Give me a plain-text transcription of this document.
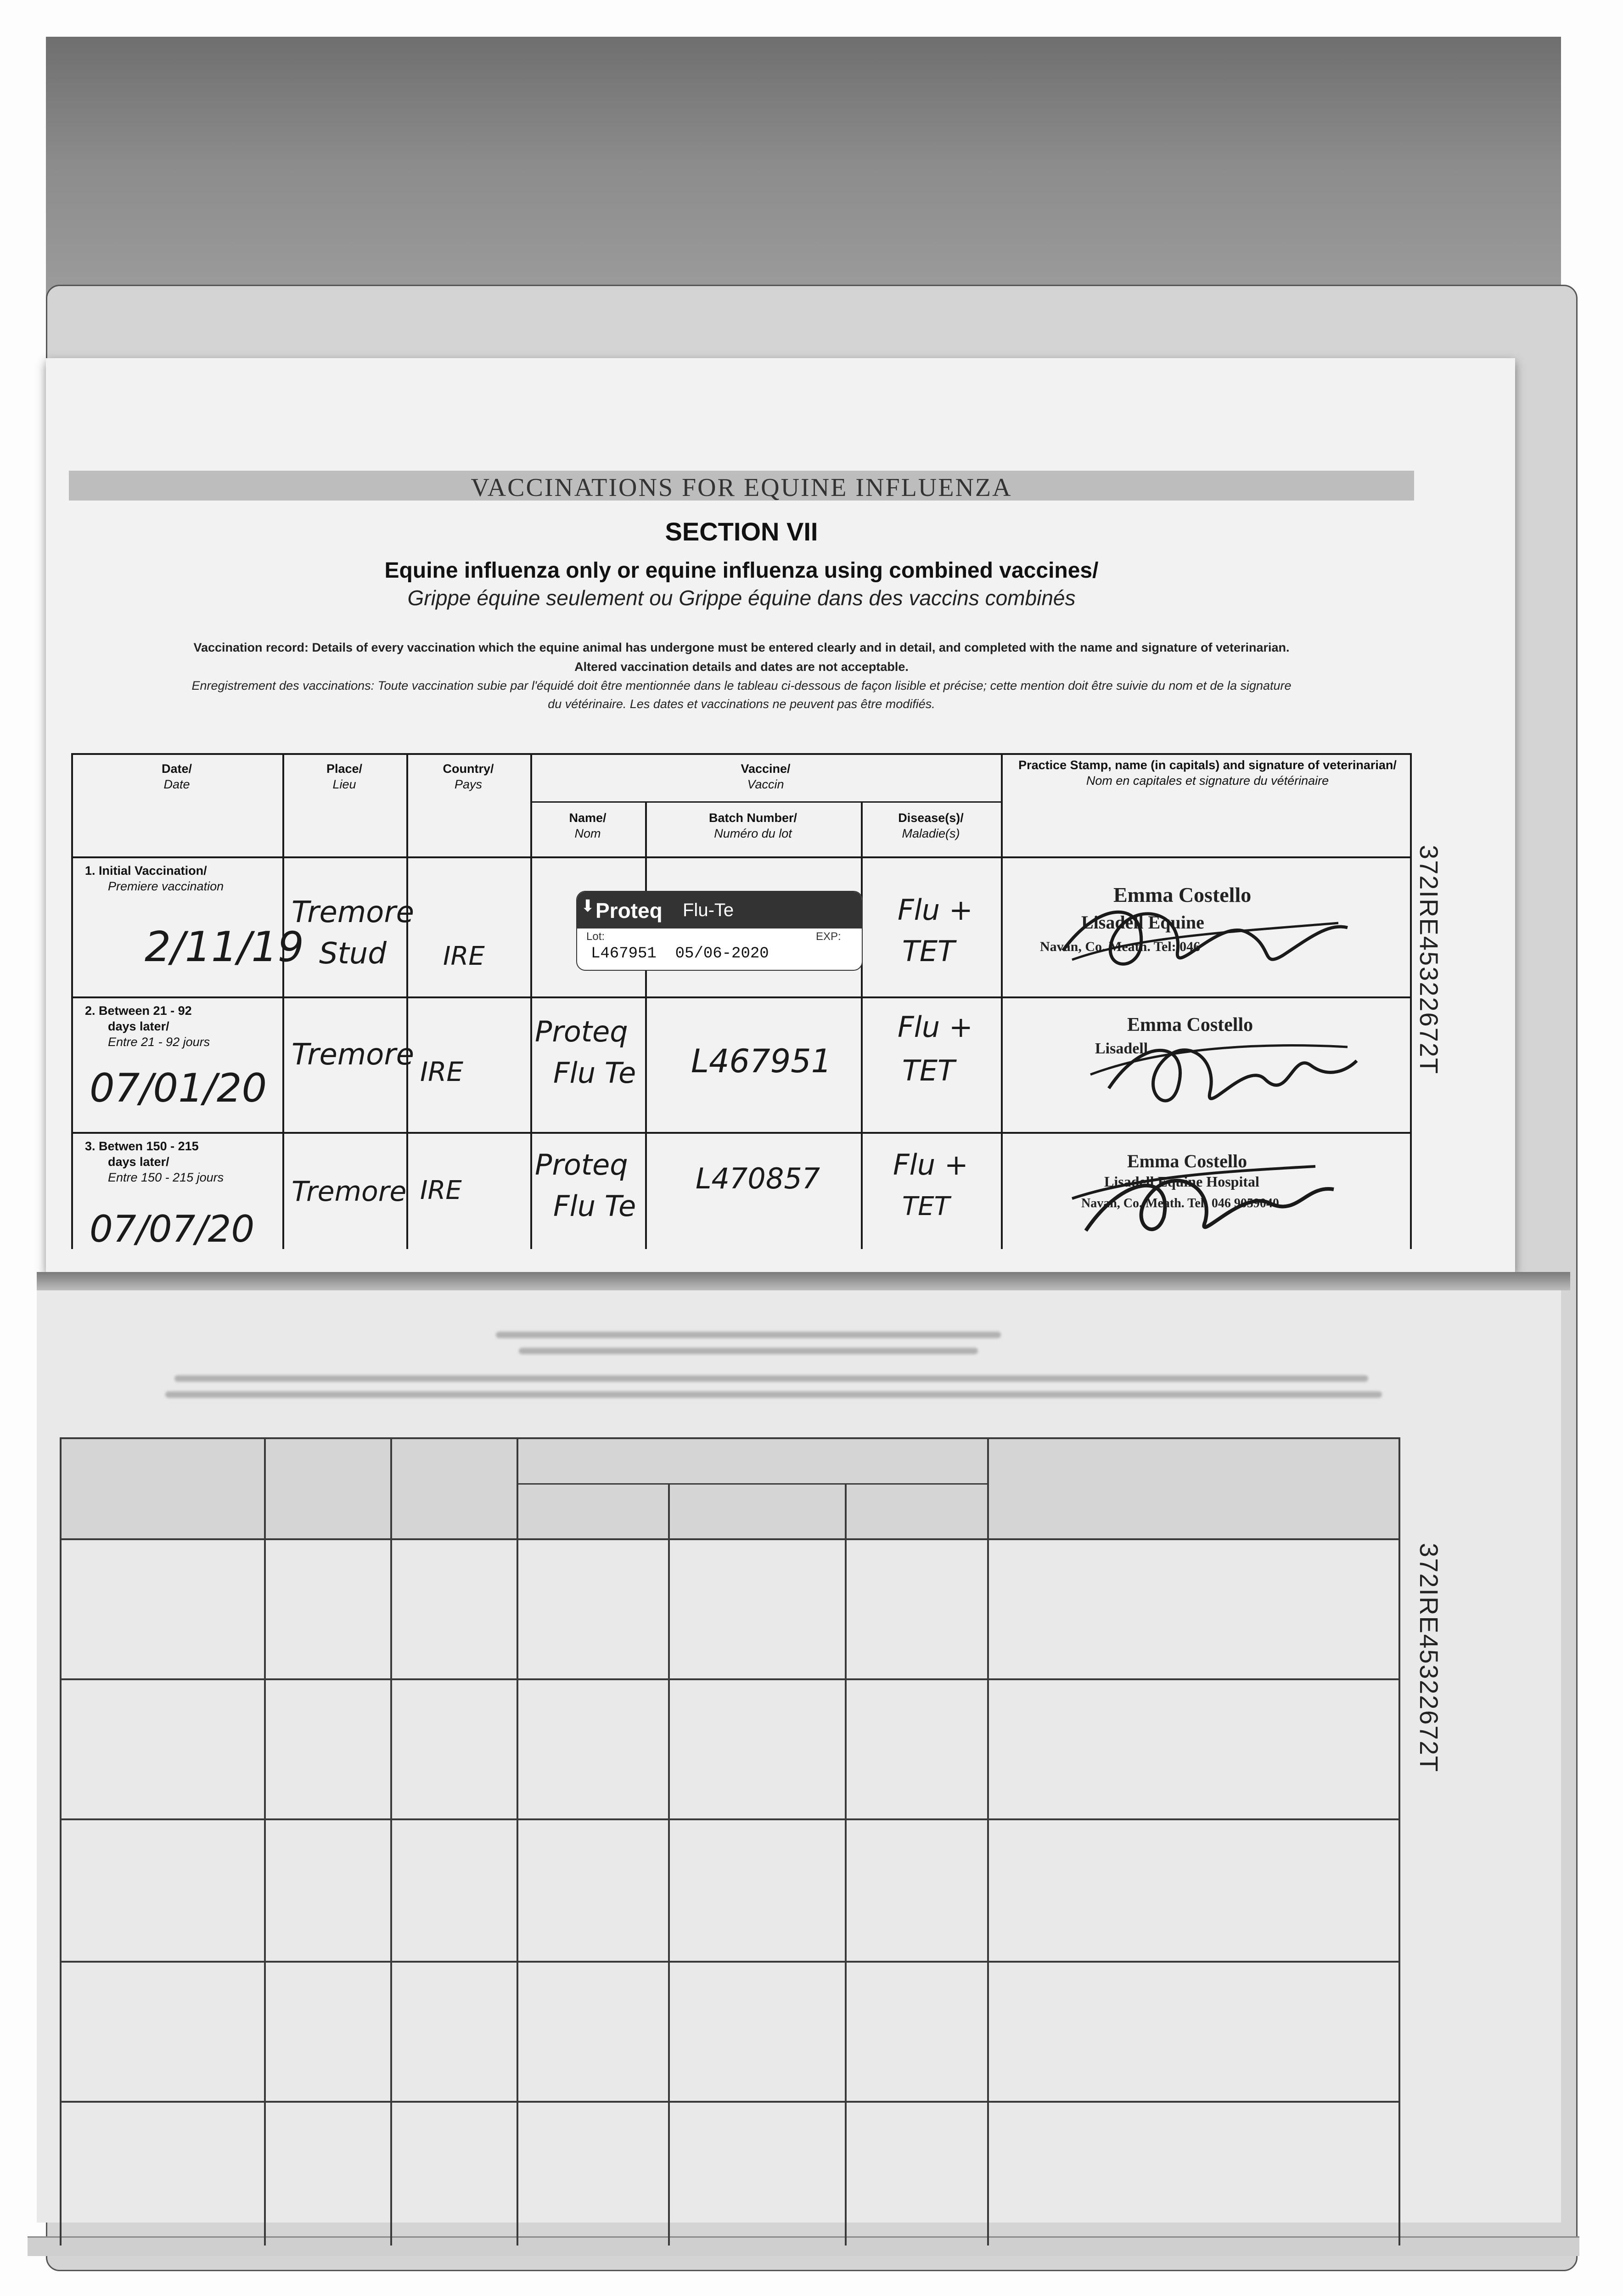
VACCINATIONS FOR EQUINE INFLUENZA
SECTION VII
Equine influenza only or equine influenza using combined vaccines/
Grippe équine seulement ou Grippe équine dans des vaccins combinés
Vaccination record: Details of every vaccination which the equine animal has undergone must be entered clearly and in detail, and completed with the name and signature of veterinarian.
Altered vaccination details and dates are not acceptable.
Enregistrement des vaccinations: Toute vaccination subie par l'équidé doit être mentionnée dans le tableau ci-dessous de façon lisible et précise; cette mention doit être suivie du nom et de la signature
du vétérinaire. Les dates et vaccinations ne peuvent pas être modifiés.
372IRE45322672T
372IRE45322672T
Date/
Date
Place/
Lieu
Country/
Pays
Vaccine/
Vaccin
Name/
Nom
Batch Number/
Numéro du lot
Disease(s)/
Maladie(s)
Practice Stamp, name (in capitals) and signature of veterinarian/
Nom en capitales et signature du vétérinaire
1. Initial Vaccination/
Premiere vaccination
2/11/19
Tremore
Stud IRE
⬇ Proteq Flu-Te
Lot:	EXP:
L467951 05/06-2020
Flu +
TET
Emma Costello
Lisadell Equine
Navan, Co. Meath. Tel: 046
2. Between 21 - 92
days later/
Entre 21 - 92 jours
07/01/20
Tremore IRE
Proteq
Flu Te L467951
Flu +
TET
Emma Costello
Lisadell
3. Betwen 150 - 215
days later/
Entre 150 - 215 jours
07/07/20
Tremore IRE
Proteq
Flu Te
L470857	Flu +
TET
Emma Costello
Lisadell Equine Hospital
Navan, Co. Meath. Tel: 046 9059040
